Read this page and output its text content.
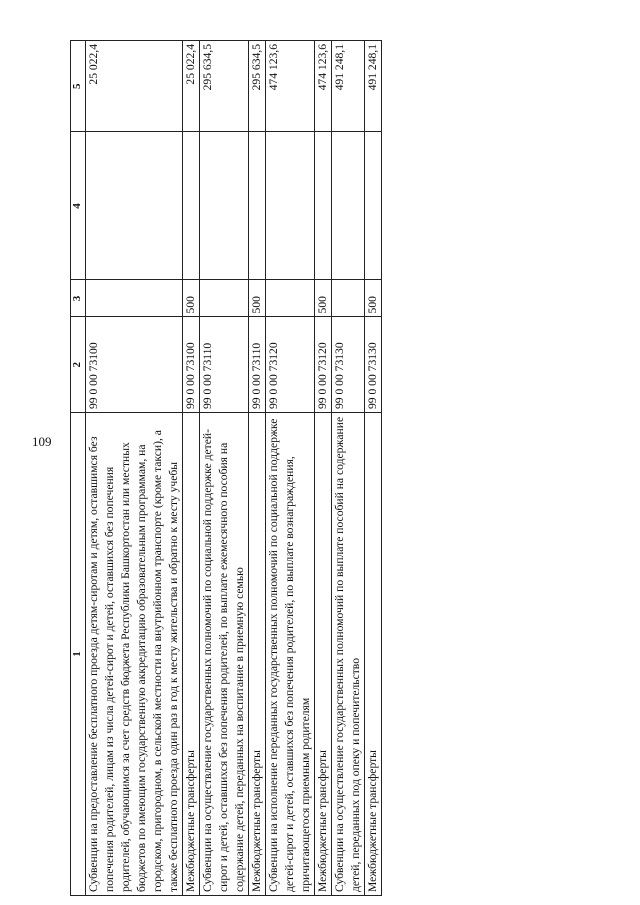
109
1	2	3	4	5
Субвенции на предоставление бесплатного проезда детям-сиротам и детям, оставшимся без попечения родителей, лицам из числа детей-сирот и детей, оставшихся без попечения родителей, обучающимся за счет средств бюджета Республики Башкортостан или местных бюджетов по имеющим государственную аккредитацию образовательным программам, на городском, пригородном, в сельской местности на внутрийонном транспорте (кроме такси), а также бесплатного проезда один раз в год к месту жительства и обратно к месту учебы	99 0 00 73100			25 022,4
Межбюджетные трансферты	99 0 00 73100	500		25 022,4
Субвенции на осуществление государственных полномочий по социальной поддержке детей-сирот и детей, оставшихся без попечения родителей, по выплате ежемесячного пособия на содержание детей, переданных на воспитание в приемную семью	99 0 00 73110			295 634,5
Межбюджетные трансферты	99 0 00 73110	500		295 634,5
Субвенции на исполнение переданных государственных полномочий по социальной поддержке детей-сирот и детей, оставшихся без попечения родителей, по выплате вознаграждения, причитающегося приемным родителям	99 0 00 73120			474 123,6
Межбюджетные трансферты	99 0 00 73120	500		474 123,6
Субвенции на осуществление государственных полномочий по выплате пособий на содержание детей, переданных под опеку и попечительство	99 0 00 73130			491 248,1
Межбюджетные трансферты	99 0 00 73130	500		491 248,1
